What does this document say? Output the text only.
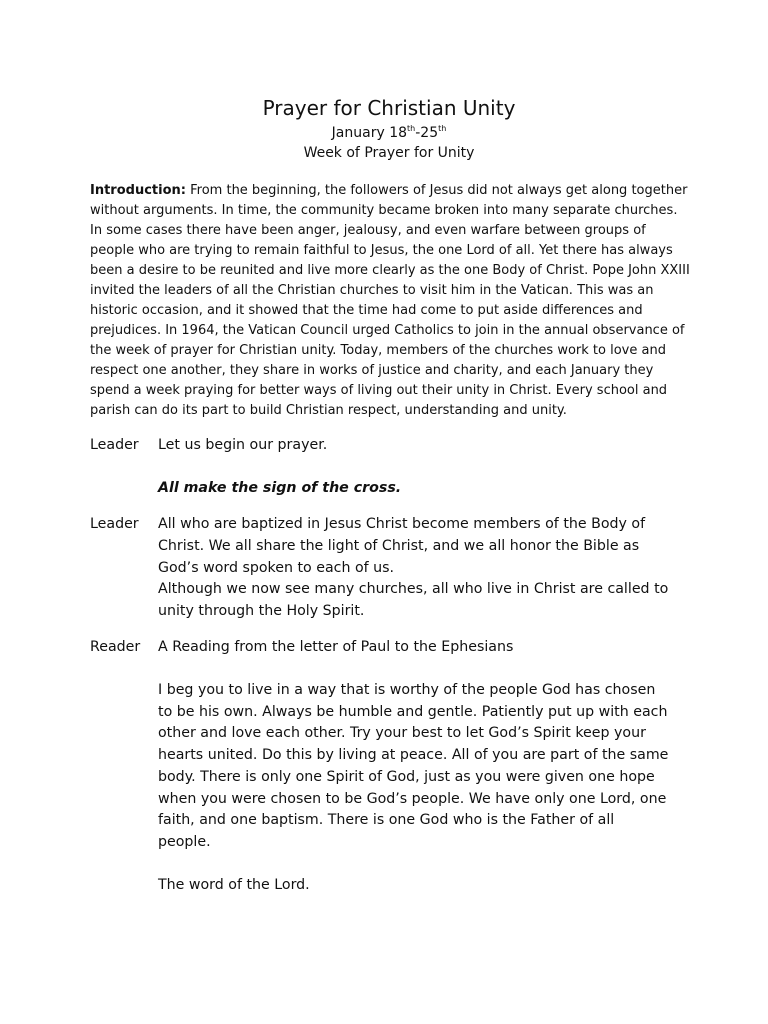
Prayer for Christian Unity

January 18th-25th

Week of Prayer for Unity

Introduction: From the beginning, the followers of Jesus did not always get along together without arguments. In time, the community became broken into many separate churches. In some cases there have been anger, jealousy, and even warfare between groups of people who are trying to remain faithful to Jesus, the one Lord of all. Yet there has always been a desire to be reunited and live more clearly as the one Body of Christ. Pope John XXIII invited the leaders of all the Christian churches to visit him in the Vatican. This was an historic occasion, and it showed that the time had come to put aside differences and prejudices. In 1964, the Vatican Council urged Catholics to join in the annual observance of the week of prayer for Christian unity. Today, members of the churches work to love and respect one another, they share in works of justice and charity, and each January they spend a week praying for better ways of living out their unity in Christ. Every school and parish can do its part to build Christian respect, understanding and unity.
Leader	Let us begin our prayer.
All make the sign of the cross.
Leader	All who are baptized in Jesus Christ become members of the Body of Christ. We all share the light of Christ, and we all honor the Bible as God’s word spoken to each of us.
Although we now see many churches, all who live in Christ are called to unity through the Holy Spirit.
Reader	A Reading from the letter of Paul to the Ephesians
I beg you to live in a way that is worthy of the people God has chosen to be his own. Always be humble and gentle. Patiently put up with each other and love each other. Try your best to let God’s Spirit keep your hearts united. Do this by living at peace. All of you are part of the same body. There is only one Spirit of God, just as you were given one hope when you were chosen to be God’s people. We have only one Lord, one faith, and one baptism. There is one God who is the Father of all people.
The word of the Lord.
